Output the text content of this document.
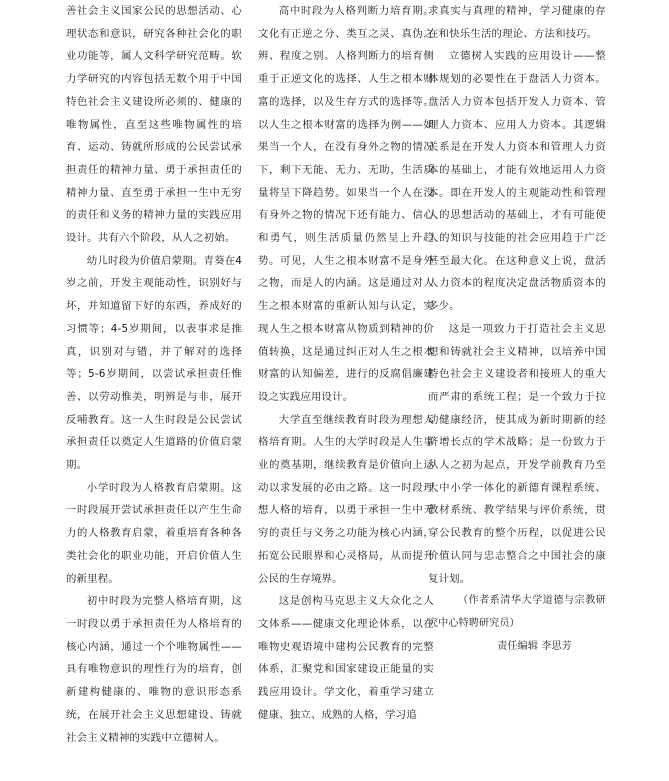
善社会主义国家公民的思想活动、心理状态和意识，研究各种社会化的职业功能等，属人文科学研究范畴。软力学研究的内容包括无数个用于中国特色社会主义建设所必须的、健康的唯物属性，直至这些唯物属性的培育、运动、铸就所形成的公民尝试承担责任的精神力量、勇于承担责任的精神力量、直至勇于承担一生中无穷的责任和义务的精神力量的实践应用设计。共有六个阶段，从人之初始。

幼儿时段为价值启蒙期。青葵在4岁之前，开发主观能动性，识别好与坏，并知道留下好的东西，养成好的习惯等；4-5岁期间，以表事求是推真，识别对与错，并了解对的选择等；5-6岁期间，以尝试承担责任惟善、以劳动惟美，明辨是与非，展开反哺教育。这一人生时段是公民尝试承担责任以奠定人生道路的价值启蒙期。

小学时段为人格教育启蒙期。这一时段展开尝试承担责任以产生生命力的人格教育启蒙，着重培育各种各类社会化的职业功能，开启价值人生的新里程。

初中时段为完整人格培育期，这一时段以勇于承担责任为人格培育的核心内涵，通过一个个唯物属性——具有唯物意识的理性行为的培育，创新建构健康的、唯物的意识形态系统，在展开社会主义思想建设、铸就社会主义精神的实践中立德树人。

高中时段为人格判断力培育期。文化有正逆之分、类互之灵、真伪之辨、程度之别。人格判断力的培育侧重于正逆文化的选择、人生之根本财富的选择，以及生存方式的选择等。以人生之根本财富的选择为例——如果当一个人，在没有身外之物的情况下，剩下无能、无力、无助，生活质量将呈下降趋势。如果当一个人在没有身外之物的情况下还有能力、信心和勇气，则生活质量仍然呈上升趋势。可见，人生之根本财富不是身外之物，而是人的内涵。这是通过对人生之根本财富的重新认知与认定，实现人生之根本财富从物质到精神的价值转换，这是通过纠正对人生之根本财富的认知偏差，进行的反腐倡廉建设之实践应用设计。

大学直至继续教育时段为理想人格培育期。人生的大学时段是人生事业的奠基期，继续教育是价值向上运动以求发展的必由之路。这一时段理想人格的培育，以勇于承担一生中无穷的责任与义务之功能为核心内涵，拓宽公民眼界和心灵格局，从而提升公民的生存境界。

这是创构马克思主义大众化之人文体系——健康文化理论体系，以在唯物史观语境中建构公民教育的完整体系，汇聚党和国家建设正能量的实践应用设计。学文化，着重学习建立健康、独立、成熟的人格，学习追

求真实与真理的精神，学习健康的存在和快乐生活的理论、方法和技巧。

立德树人实践的应用设计——整体规划的必要性在于盘活人力资本。盘活人力资本包括开发人力资本、管理人力资本、应用人力资本。其逻辑关系是在开发人力资本和管理人力资本的基础上，才能有效地运用人力资本。即在开发人的主观能动性和管理人的思想活动的基础上，才有可能使人的知识与技能的社会应用趋于广泛甚至最大化。在这种意义上说，盘活人力资本的程度决定盘活物质资本的多少。

这是一项致力于打造社会主义思想和铸就社会主义精神，以培养中国特色社会主义建设者和接班人的重大而严肃的系统工程；是一个致力于拉动健康经济，使其成为新时期新的经济增长点的学术战略；是一份致力于从人之初为起点，开发学前教育乃至大中小学一体化的新德育课程系统、教材系统、教学结果与评价系统，贯穿公民教育的整个历程，以促进公民价值认同与忠志整合之中国社会的康复计划。

（作者系清华大学道德与宗教研究中心特聘研究员）

责任编辑 李思芳
